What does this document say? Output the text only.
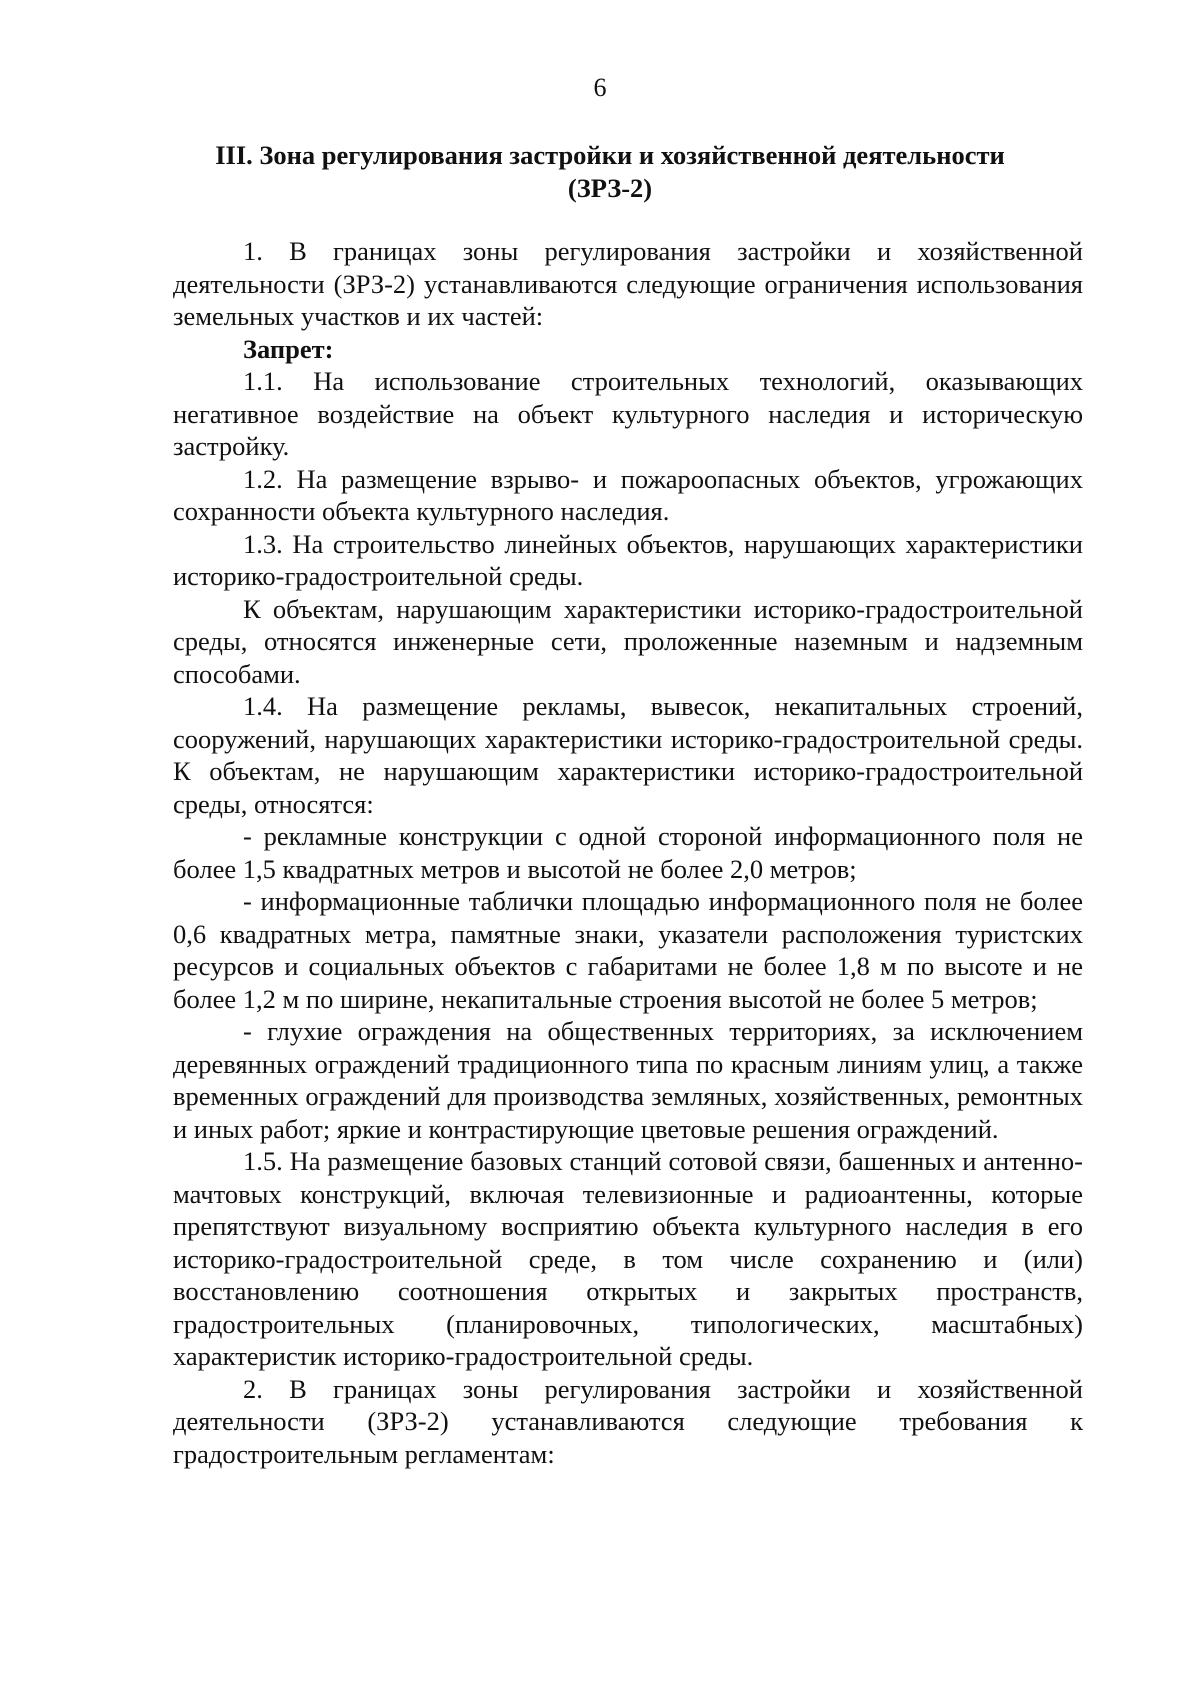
6
III. Зона регулирования застройки и хозяйственной деятельности
(ЗРЗ-2)

1. В границах зоны регулирования застройки и хозяйственной деятельности (ЗРЗ-2) устанавливаются следующие ограничения использования земельных участков и их частей:

Запрет:

1.1. На использование строительных технологий, оказывающих негативное воздействие на объект культурного наследия и историческую застройку.

1.2. На размещение взрыво- и пожароопасных объектов, угрожающих сохранности объекта культурного наследия.

1.3. На строительство линейных объектов, нарушающих характеристики историко-градостроительной среды.

К объектам, нарушающим характеристики историко-градостроительной среды, относятся инженерные сети, проложенные наземным и надземным способами.

1.4. На размещение рекламы, вывесок, некапитальных строений, сооружений, нарушающих характеристики историко-градостроительной среды. К объектам, не нарушающим характеристики историко-градостроительной среды, относятся:

- рекламные конструкции с одной стороной информационного поля не более 1,5 квадратных метров и высотой не более 2,0 метров;

- информационные таблички площадью информационного поля не более 0,6 квадратных метра, памятные знаки, указатели расположения туристских ресурсов и социальных объектов с габаритами не более 1,8 м по высоте и не более 1,2 м по ширине, некапитальные строения высотой не более 5 метров;

- глухие ограждения на общественных территориях, за исключением деревянных ограждений традиционного типа по красным линиям улиц, а также временных ограждений для производства земляных, хозяйственных, ремонтных и иных работ; яркие и контрастирующие цветовые решения ограждений.

1.5. На размещение базовых станций сотовой связи, башенных и антенно-мачтовых конструкций, включая телевизионные и радиоантенны, которые препятствуют визуальному восприятию объекта культурного наследия в его историко-градостроительной среде, в том числе сохранению и (или) восстановлению соотношения открытых и закрытых пространств, градостроительных (планировочных, типологических, масштабных) характеристик историко-градостроительной среды.

2. В границах зоны регулирования застройки и хозяйственной деятельности (ЗРЗ-2) устанавливаются следующие требования к градостроительным регламентам:
